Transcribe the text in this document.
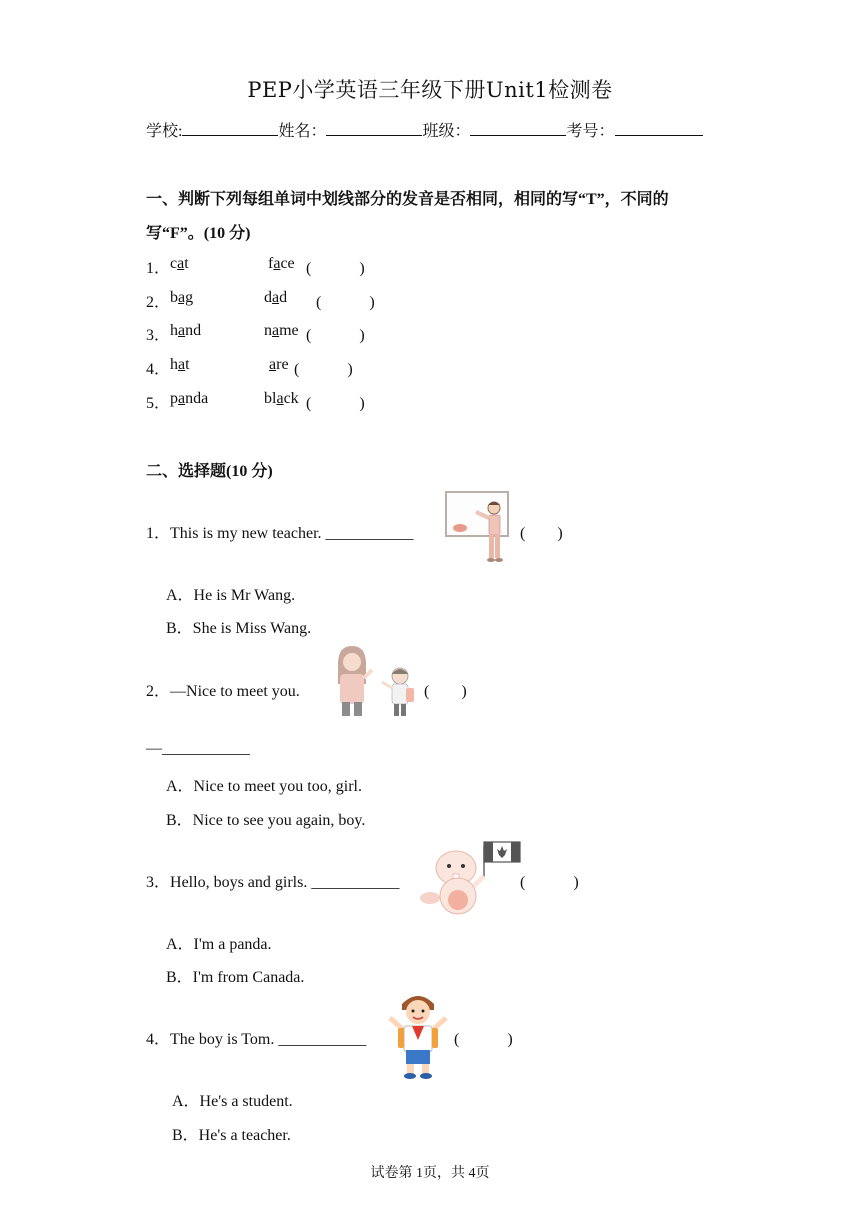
PEP小学英语三年级下册Unit1检测卷
学校:	姓名：	班级：	考号：
一、判断下列每组单词中划线部分的发音是否相同，相同的写“T”，不同的
写“F”。(10 分)
1． cat	face (　　　)
2． bag	dad (　　　)
3． hand	name (　　　)
4． hat	are (　　　)
5． panda	black (　　　)
二、选择题(10 分)
1．This is my new teacher. ___________	(　　)
A．He is Mr Wang.
B．She is Miss Wang.
2．—Nice to meet you.	(　　)
—___________
A．Nice to meet you too, girl.
B．Nice to see you again, boy.
3．Hello, boys and girls. ___________	(　　　)
A．I'm a panda.
B．I'm from Canada.
4．The boy is Tom. ___________	(　　　)
A．He's a student.
B．He's a teacher.
试卷第 1页，共 4页
